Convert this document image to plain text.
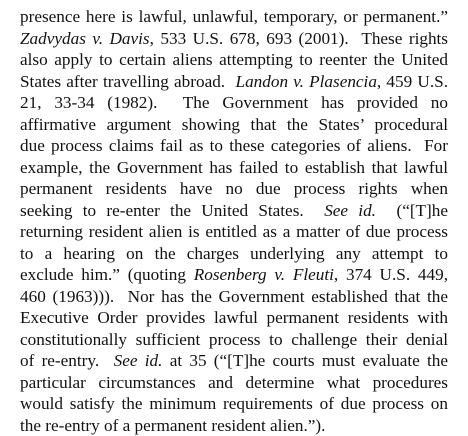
presence here is lawful, unlawful, temporary, or permanent.”
Zadvydas v. Davis, 533 U.S. 678, 693 (2001).  These rights
also apply to certain aliens attempting to reenter the United
States after travelling abroad.  Landon v. Plasencia, 459 U.S.
21, 33-34 (1982).  The Government has provided no
affirmative argument showing that the States’ procedural
due process claims fail as to these categories of aliens.  For
example, the Government has failed to establish that lawful
permanent residents have no due process rights when
seeking to re-enter the United States.  See id.  (“[T]he
returning resident alien is entitled as a matter of due process
to a hearing on the charges underlying any attempt to
exclude him.” (quoting Rosenberg v. Fleuti, 374 U.S. 449,
460 (1963))).  Nor has the Government established that the
Executive Order provides lawful permanent residents with
constitutionally sufficient process to challenge their denial
of re-entry.  See id. at 35 (“[T]he courts must evaluate the
particular circumstances and determine what procedures
would satisfy the minimum requirements of due process on
the re-entry of a permanent resident alien.”).
